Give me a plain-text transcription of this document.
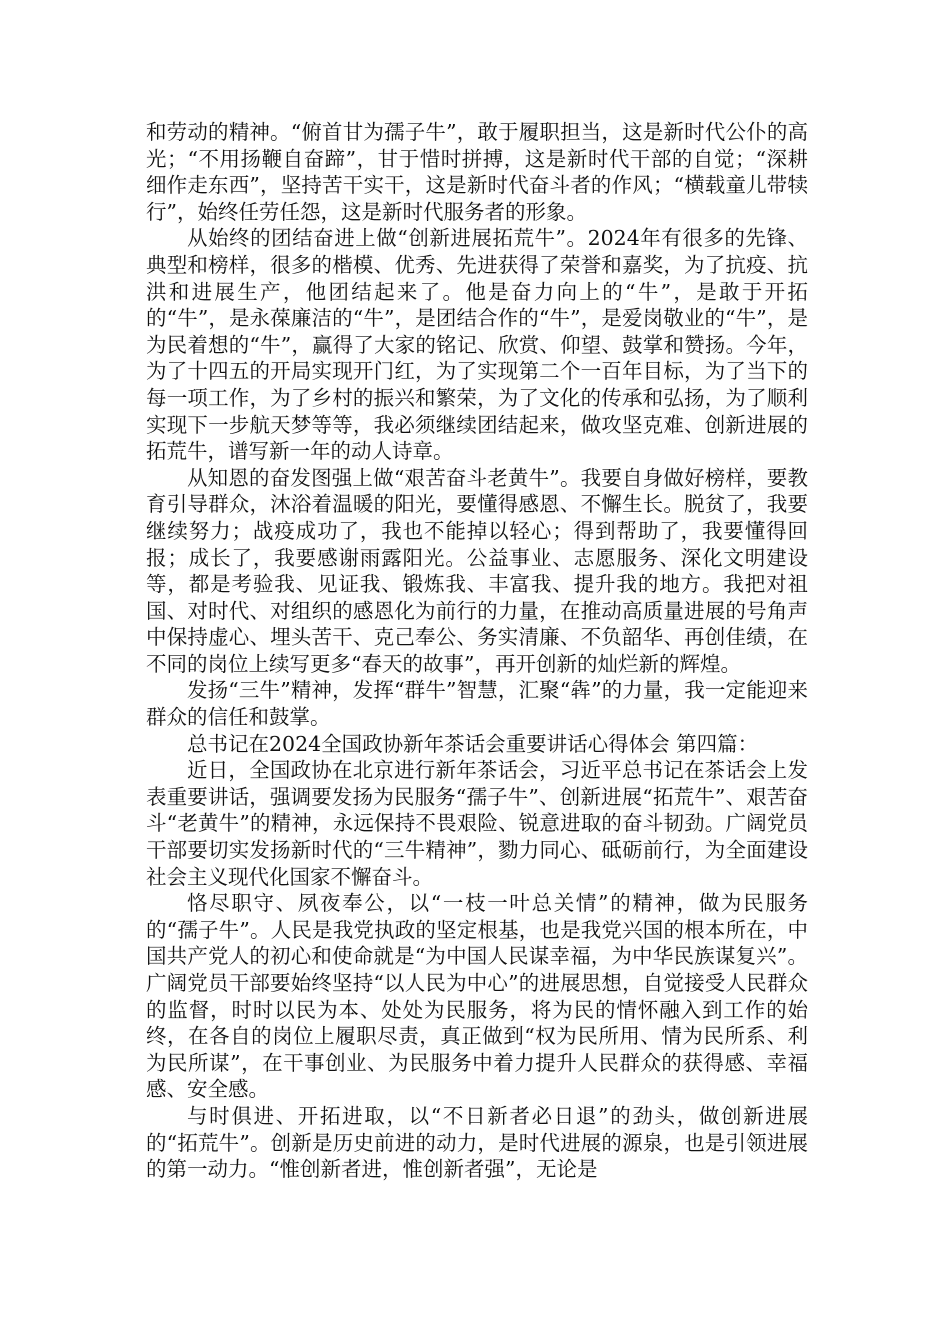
和劳动的精神。“俯首甘为孺子牛”，敢于履职担当，这是新时代公仆的高光；“不用扬鞭自奋蹄”，甘于惜时拼搏，这是新时代干部的自觉；“深耕细作走东西”，坚持苦干实干，这是新时代奋斗者的作风；“横载童儿带犊行”，始终任劳任怨，这是新时代服务者的形象。

从始终的团结奋进上做“创新进展拓荒牛”。2024年有很多的先锋、典型和榜样，很多的楷模、优秀、先进获得了荣誉和嘉奖，为了抗疫、抗洪和进展生产，他团结起来了。他是奋力向上的“牛”，是敢于开拓的“牛”，是永葆廉洁的“牛”，是团结合作的“牛”，是爱岗敬业的“牛”，是为民着想的“牛”，赢得了大家的铭记、欣赏、仰望、鼓掌和赞扬。今年，为了十四五的开局实现开门红，为了实现第二个一百年目标，为了当下的每一项工作，为了乡村的振兴和繁荣，为了文化的传承和弘扬，为了顺利实现下一步航天梦等等，我必须继续团结起来，做攻坚克难、创新进展的拓荒牛，谱写新一年的动人诗章。

从知恩的奋发图强上做“艰苦奋斗老黄牛”。我要自身做好榜样，要教育引导群众，沐浴着温暖的阳光，要懂得感恩、不懈生长。脱贫了，我要继续努力；战疫成功了，我也不能掉以轻心；得到帮助了，我要懂得回报；成长了，我要感谢雨露阳光。公益事业、志愿服务、深化文明建设等，都是考验我、见证我、锻炼我、丰富我、提升我的地方。我把对祖国、对时代、对组织的感恩化为前行的力量，在推动高质量进展的号角声中保持虚心、埋头苦干、克己奉公、务实清廉、不负韶华、再创佳绩，在不同的岗位上续写更多“春天的故事”，再开创新的灿烂新的辉煌。

发扬“三牛”精神，发挥“群牛”智慧，汇聚“犇”的力量，我一定能迎来群众的信任和鼓掌。

总书记在2024全国政协新年茶话会重要讲话心得体会 第四篇：

近日，全国政协在北京进行新年茶话会，习近平总书记在茶话会上发表重要讲话，强调要发扬为民服务“孺子牛”、创新进展“拓荒牛”、艰苦奋斗“老黄牛”的精神，永远保持不畏艰险、锐意进取的奋斗韧劲。广阔党员干部要切实发扬新时代的“三牛精神”，勠力同心、砥砺前行，为全面建设社会主义现代化国家不懈奋斗。

恪尽职守、夙夜奉公，以“一枝一叶总关情”的精神，做为民服务的“孺子牛”。人民是我党执政的坚定根基，也是我党兴国的根本所在，中国共产党人的初心和使命就是“为中国人民谋幸福，为中华民族谋复兴”。广阔党员干部要始终坚持“以人民为中心”的进展思想，自觉接受人民群众的监督，时时以民为本、处处为民服务，将为民的情怀融入到工作的始终，在各自的岗位上履职尽责，真正做到“权为民所用、情为民所系、利为民所谋”，在干事创业、为民服务中着力提升人民群众的获得感、幸福感、安全感。

与时俱进、开拓进取，以“不日新者必日退”的劲头，做创新进展的“拓荒牛”。创新是历史前进的动力，是时代进展的源泉，也是引领进展的第一动力。“惟创新者进，惟创新者强”，无论是
